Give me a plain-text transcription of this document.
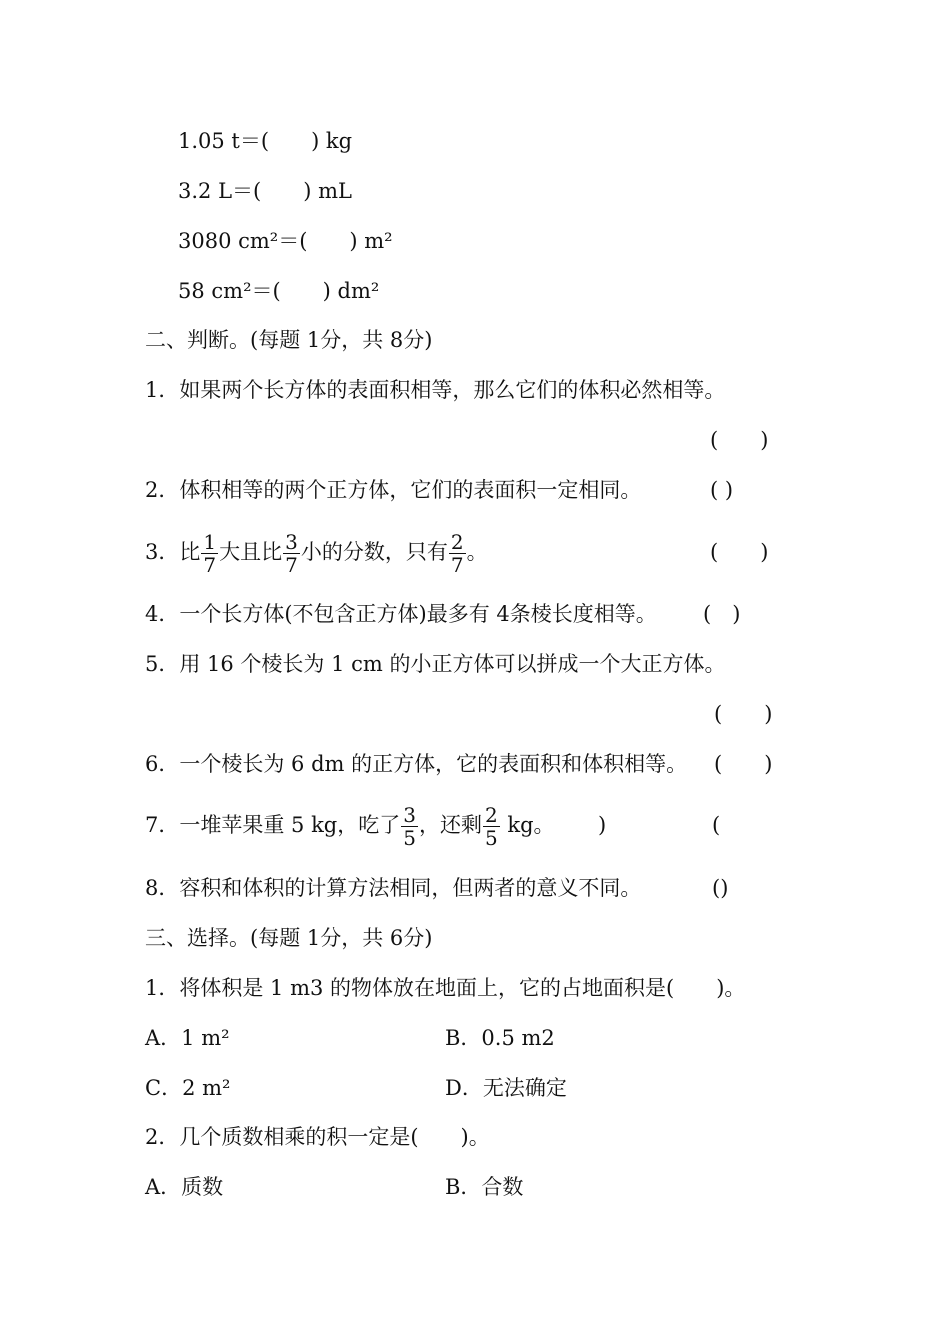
1.05 t＝(　　) kg
3.2 L＝(　　) mL
3080 cm²＝(　　) m²
58 cm²＝(　　) dm²
二、判断。(每题 1分，共 8分)
1．如果两个长方体的表面积相等，那么它们的体积必然相等。
(　　)
2．体积相等的两个正方体，它们的表面积一定相同。	( )
3．比 $\frac{1}{7}$ 大且比 $\frac{3}{7}$ 小的分数，只有 $\frac{2}{7}$ 。	(　　)
4．一个长方体(不包含正方体)最多有 4条棱长度相等。 (　)
5．用 16 个棱长为 1 cm 的小正方体可以拼成一个大正方体。
(　　)
6．一个棱长为 6 dm 的正方体，它的表面积和体积相等。 (　　)
7．一堆苹果重 5 kg，吃了 $\frac{3}{5}$ ，还剩 $\frac{2}{5}$ kg。 )	(
8．容积和体积的计算方法相同，但两者的意义不同。	()
三、选择。(每题 1分，共 6分)
1．将体积是 1 m3 的物体放在地面上，它的占地面积是(　　)。
A．1 m²	B．0.5 m2
C．2 m²	D．无法确定
2．几个质数相乘的积一定是(　　)。
A．质数	B．合数
